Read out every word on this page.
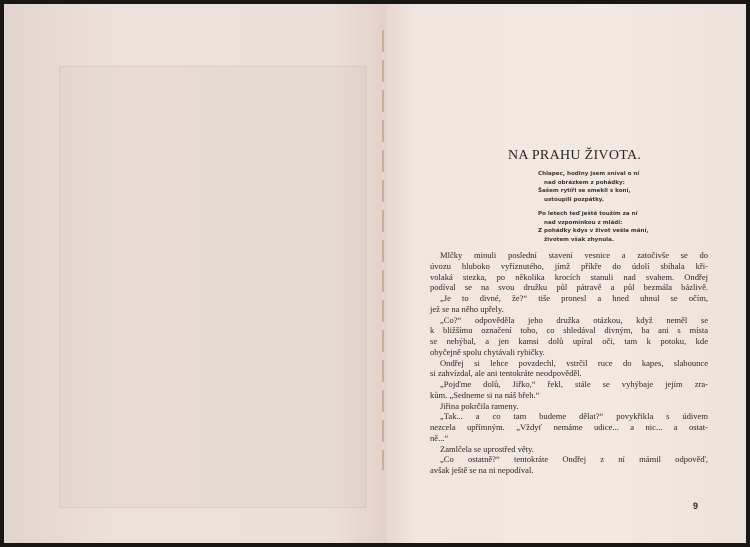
NA PRAHU ŽIVOTA.
Chlapec, hodiny jsem sníval o ní
nad obrázkem z pohádky:
Šašem rytíři se smekli s koní,
ustoupili pozpátky.
Po letech teď ještě toužím za ní
nad vzpomínkou z mládí:
Z pohádky kdys v život vešla mání,
životem však zhynula.
Mlčky minuli poslední stavení vesnice a zatočivše se do
úvozu hluboko vyříznutého, jímž příkře do údolí sbíhala kři-
volaká stezka, po několika krocích stanuli nad svahem. Ondřej
podíval se na svou družku půl pátravě a půl bezmála bázlivě.
„Je to divné, že?“ tiše pronesl a hned uhnul se očím,
jež se na něho upřely.
„Co?“ odpověděla jeho družka otázkou, když neměl se
k bližšímu označení toho, co shledával divným, ba ani s místa
se nehýbal, a jen kamsi dolů upíral oči, tam k potoku, kde
obyčejně spolu chytávali rybičky.
Ondřej si lehce povzdechl, vstrčil ruce do kapes, slabounce
si zahvízdal, ale ani tentokráte neodpověděl.
„Pojďme dolů, Jiřko,“ řekl, stále se vyhýbaje jejím zra-
kům. „Sedneme si na náš břeh.“
Jiřina pokrčila rameny.
„Tak... a co tam budeme dělat?“ povykřikla s údivem
nezcela upřímným. „Vždyť nemáme udice... a nic... a ostat-
ně...“
Zamlčela se uprostřed věty.
„Co ostatně?“ tentokráte Ondřej z ní mámil odpověď,
avšak ještě se na ni nepodíval.
9
